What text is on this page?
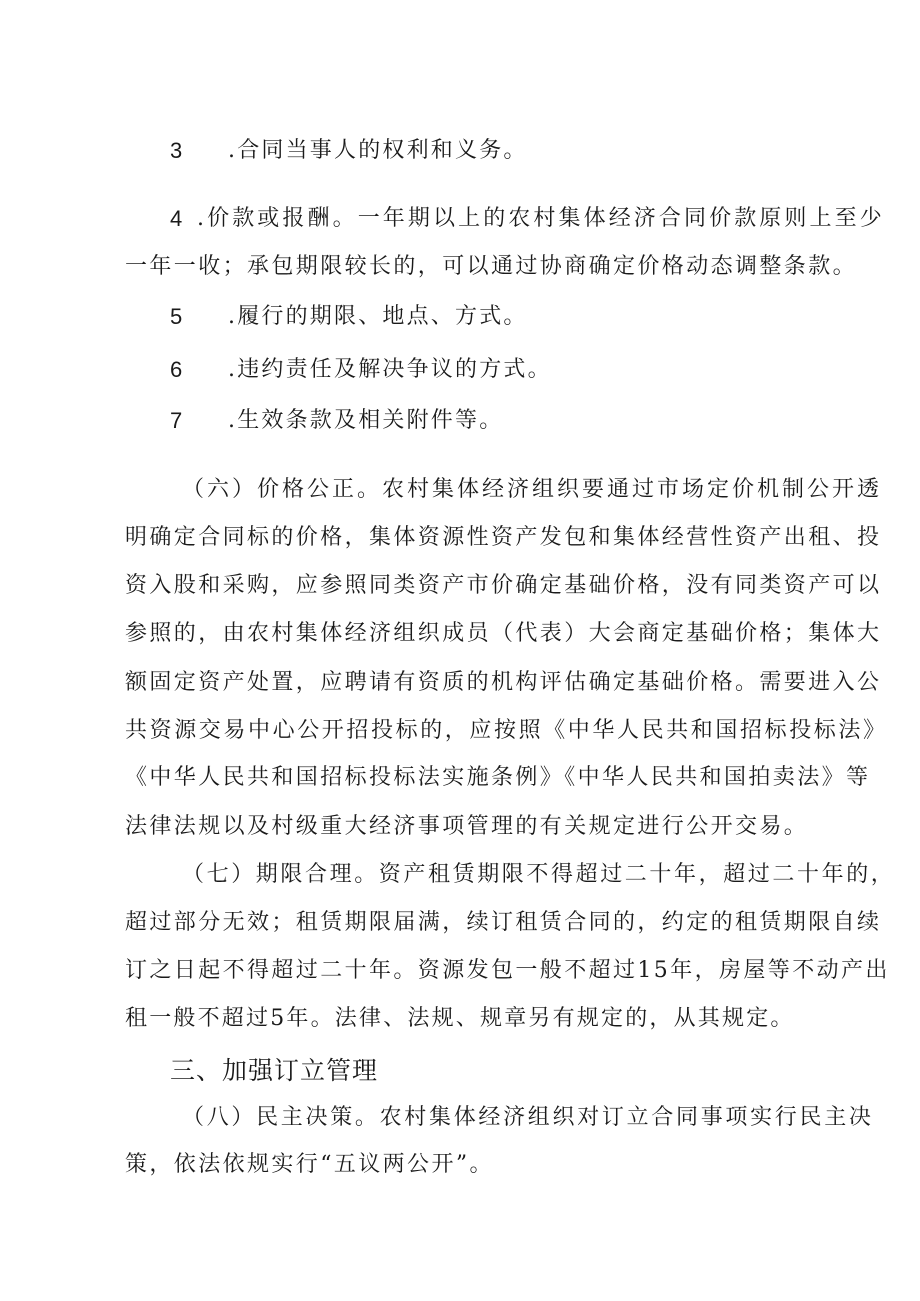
3 .合同当事人的权利和义务。
4 .价款或报酬。一年期以上的农村集体经济合同价款原则上至少
一年一收；承包期限较长的，可以通过协商确定价格动态调整条款。
5 .履行的期限、地点、方式。
6 .违约责任及解决争议的方式。
7 .生效条款及相关附件等。
（六）价格公正。农村集体经济组织要通过市场定价机制公开透
明确定合同标的价格，集体资源性资产发包和集体经营性资产出租、投
资入股和采购，应参照同类资产市价确定基础价格，没有同类资产可以
参照的，由农村集体经济组织成员（代表）大会商定基础价格；集体大
额固定资产处置，应聘请有资质的机构评估确定基础价格。需要进入公
共资源交易中心公开招投标的，应按照《中华人民共和国招标投标法》
《中华人民共和国招标投标法实施条例》《中华人民共和国拍卖法》等
法律法规以及村级重大经济事项管理的有关规定进行公开交易。
（七）期限合理。资产租赁期限不得超过二十年，超过二十年的，
超过部分无效；租赁期限届满，续订租赁合同的，约定的租赁期限自续
订之日起不得超过二十年。资源发包一般不超过15年，房屋等不动产出
租一般不超过5年。法律、法规、规章另有规定的，从其规定。
三、加强订立管理
（八）民主决策。农村集体经济组织对订立合同事项实行民主决
策，依法依规实行“五议两公开”。
